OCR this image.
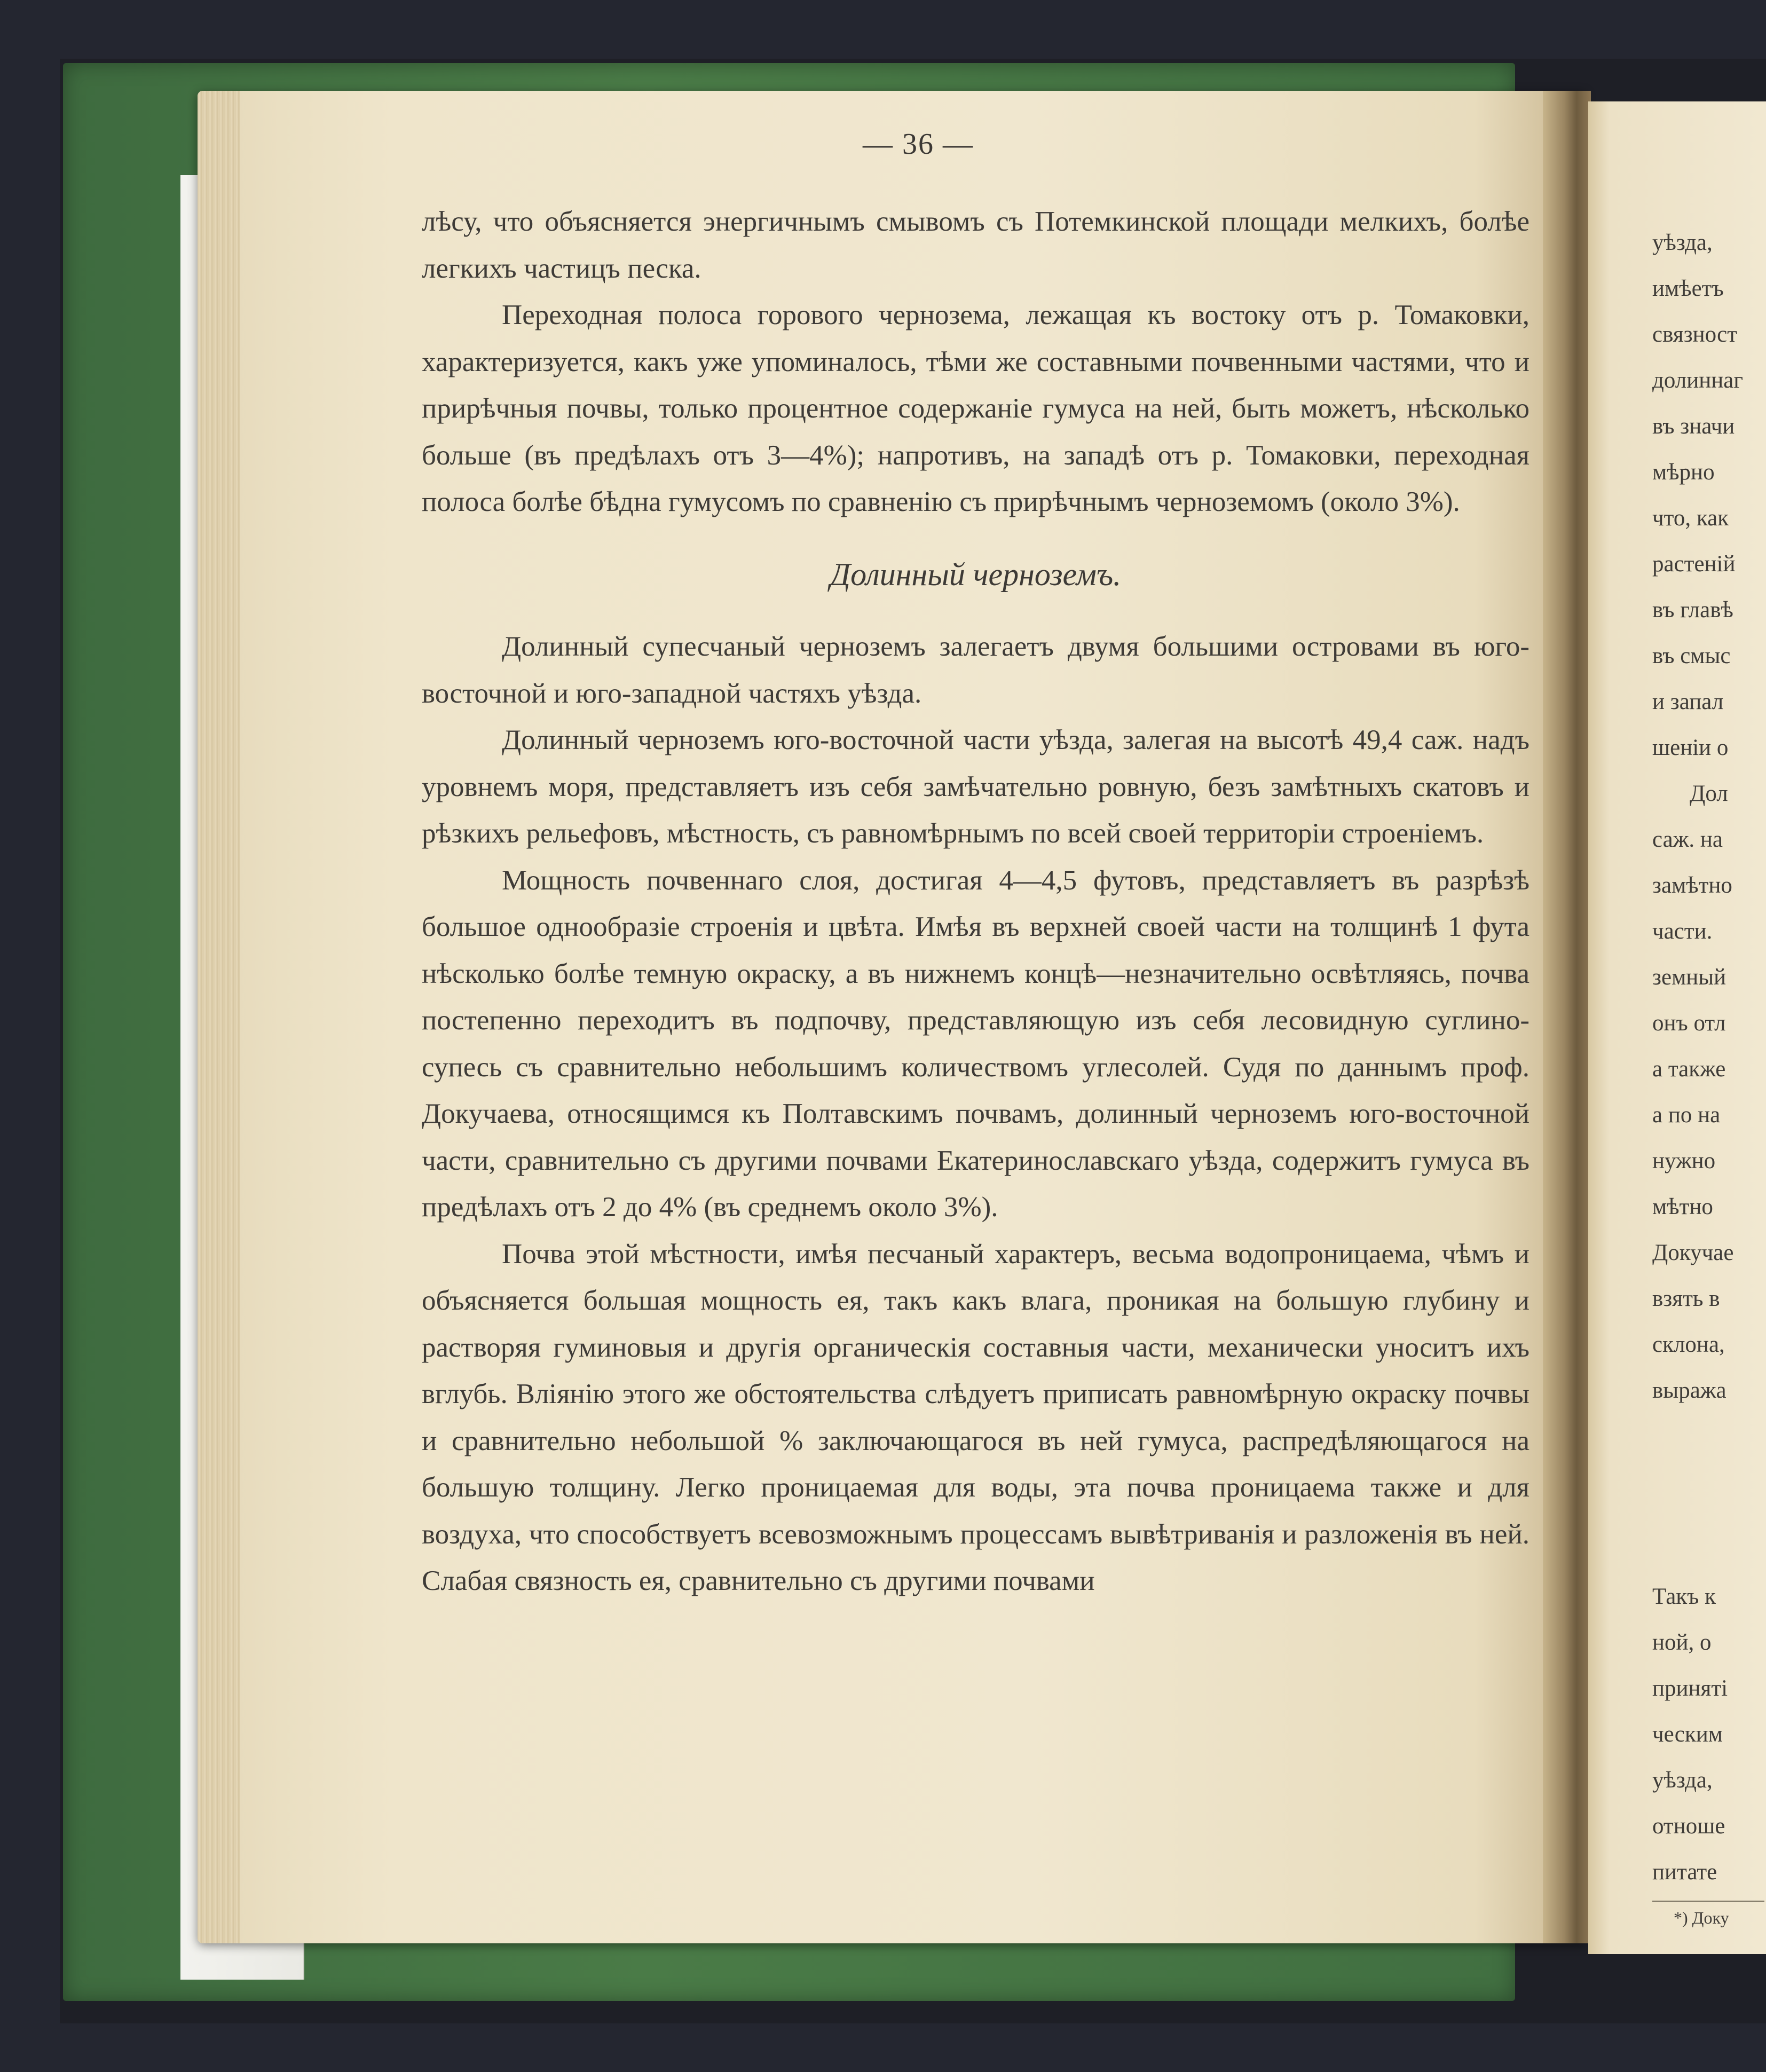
— 36 —

лѣсу, что объясняется энергичнымъ смывомъ съ Потемкинской площади мелкихъ, болѣе легкихъ частицъ песка.

Переходная полоса горового чернозема, лежащая къ востоку отъ р. Томаковки, характеризуется, какъ уже упоминалось, тѣми же составными почвенными частями, что и прирѣчныя почвы, только процентное содержаніе гумуса на ней, быть можетъ, нѣсколько больше (въ предѣлахъ отъ 3—4%); напротивъ, на западѣ отъ р. Томаковки, переходная полоса болѣе бѣдна гумусомъ по сравненію съ прирѣчнымъ черноземомъ (около 3%).

Долинный черноземъ.

Долинный супесчаный черноземъ залегаетъ двумя большими островами въ юго-восточной и юго-западной частяхъ уѣзда.

Долинный черноземъ юго-восточной части уѣзда, залегая на высотѣ 49,4 саж. надъ уровнемъ моря, представляетъ изъ себя замѣчательно ровную, безъ замѣтныхъ скатовъ и рѣзкихъ рельефовъ, мѣстность, съ равномѣрнымъ по всей своей территоріи строеніемъ.

Мощность почвеннаго слоя, достигая 4—4,5 футовъ, представляетъ въ разрѣзѣ большое однообразіе строенія и цвѣта. Имѣя въ верхней своей части на толщинѣ 1 фута нѣсколько болѣе темную окраску, а въ нижнемъ концѣ—незначительно освѣтляясь, почва постепенно переходитъ въ подпочву, представляющую изъ себя лесовидную суглино-супесь съ сравнительно небольшимъ количествомъ углесолей. Судя по даннымъ проф. Докучаева, относящимся къ Полтавскимъ почвамъ, долинный черноземъ юго-восточной части, сравнительно съ другими почвами Екатеринославскаго уѣзда, содержитъ гумуса въ предѣлахъ отъ 2 до 4% (въ среднемъ около 3%).

Почва этой мѣстности, имѣя песчаный характеръ, весьма водопроницаема, чѣмъ и объясняется большая мощность ея, такъ какъ влага, проникая на большую глубину и растворяя гуминовыя и другія органическія составныя части, механически уноситъ ихъ вглубь. Вліянію этого же обстоятельства слѣдуетъ приписать равномѣрную окраску почвы и сравнительно небольшой % заключающагося въ ней гумуса, распредѣляющагося на большую толщину. Легко проницаемая для воды, эта почва проницаема также и для воздуха, что способствуетъ всевозможнымъ процессамъ вывѣтриванія и разложенія въ ней. Слабая связность ея, сравнительно съ другими почвами

уѣзда,
имѣетъ
связност
долиннаг
въ значи
мѣрно
что, как
растеній
въ главѣ
въ смыс
и запал
шеніи о
Дол
саж. на
замѣтно
части.
земный
онъ отл
а также
а по на
нужно
мѣтно
Докучае
взять в
склона,
выража
Такъ к
ной, о
приняті
ческим
уѣзда,
отноше
питате
*) Доку
